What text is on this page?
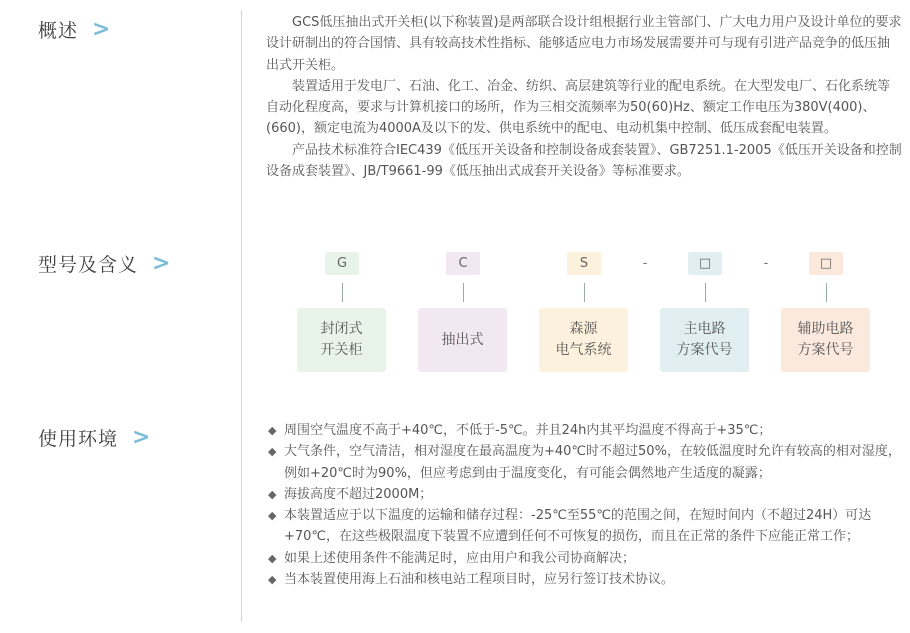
概述 >	GCS低压抽出式开关柜(以下称装置)是两部联合设计组根据行业主管部门、广大电力用户及设计单位的要求设计研制出的符合国情、具有较高技术性指标、能够适应电力市场发展需要并可与现有引进产品竞争的低压抽出式开关柜。

装置适用于发电厂、石油、化工、冶金、纺织、高层建筑等行业的配电系统。在大型发电厂、石化系统等自动化程度高，要求与计算机接口的场所，作为三相交流频率为50(60)Hz、额定工作电压为380V(400)、(660)，额定电流为4000A及以下的发、供电系统中的配电、电动机集中控制、低压成套配电装置。

产品技术标准符合IEC439《低压开关设备和控制设备成套装置》、GB7251.1-2005《低压开关设备和控制设备成套装置》、JB/T9661-99《低压抽出式成套开关设备》等标准要求。

型号及含义 >	G	C	S	-	□	-	□
封闭式
开关柜
抽出式
森源
电气系统
主电路
方案代号
辅助电路
方案代号
使用环境 >	◆ 周围空气温度不高于+40℃，不低于-5℃。并且24h内其平均温度不得高于+35℃；
◆ 大气条件，空气清洁，相对湿度在最高温度为+40℃时不超过50%，在较低温度时允许有较高的相对湿度，例如+20℃时为90%，但应考虑到由于温度变化，有可能会偶然地产生适度的凝露；
◆ 海拔高度不超过2000M；
◆ 本装置适应于以下温度的运输和储存过程：-25℃至55℃的范围之间，在短时间内（不超过24H）可达+70℃，在这些极限温度下装置不应遭到任何不可恢复的损伤，而且在正常的条件下应能正常工作；
◆ 如果上述使用条件不能满足时，应由用户和我公司协商解决；
◆ 当本装置使用海上石油和核电站工程项目时，应另行签订技术协议。
